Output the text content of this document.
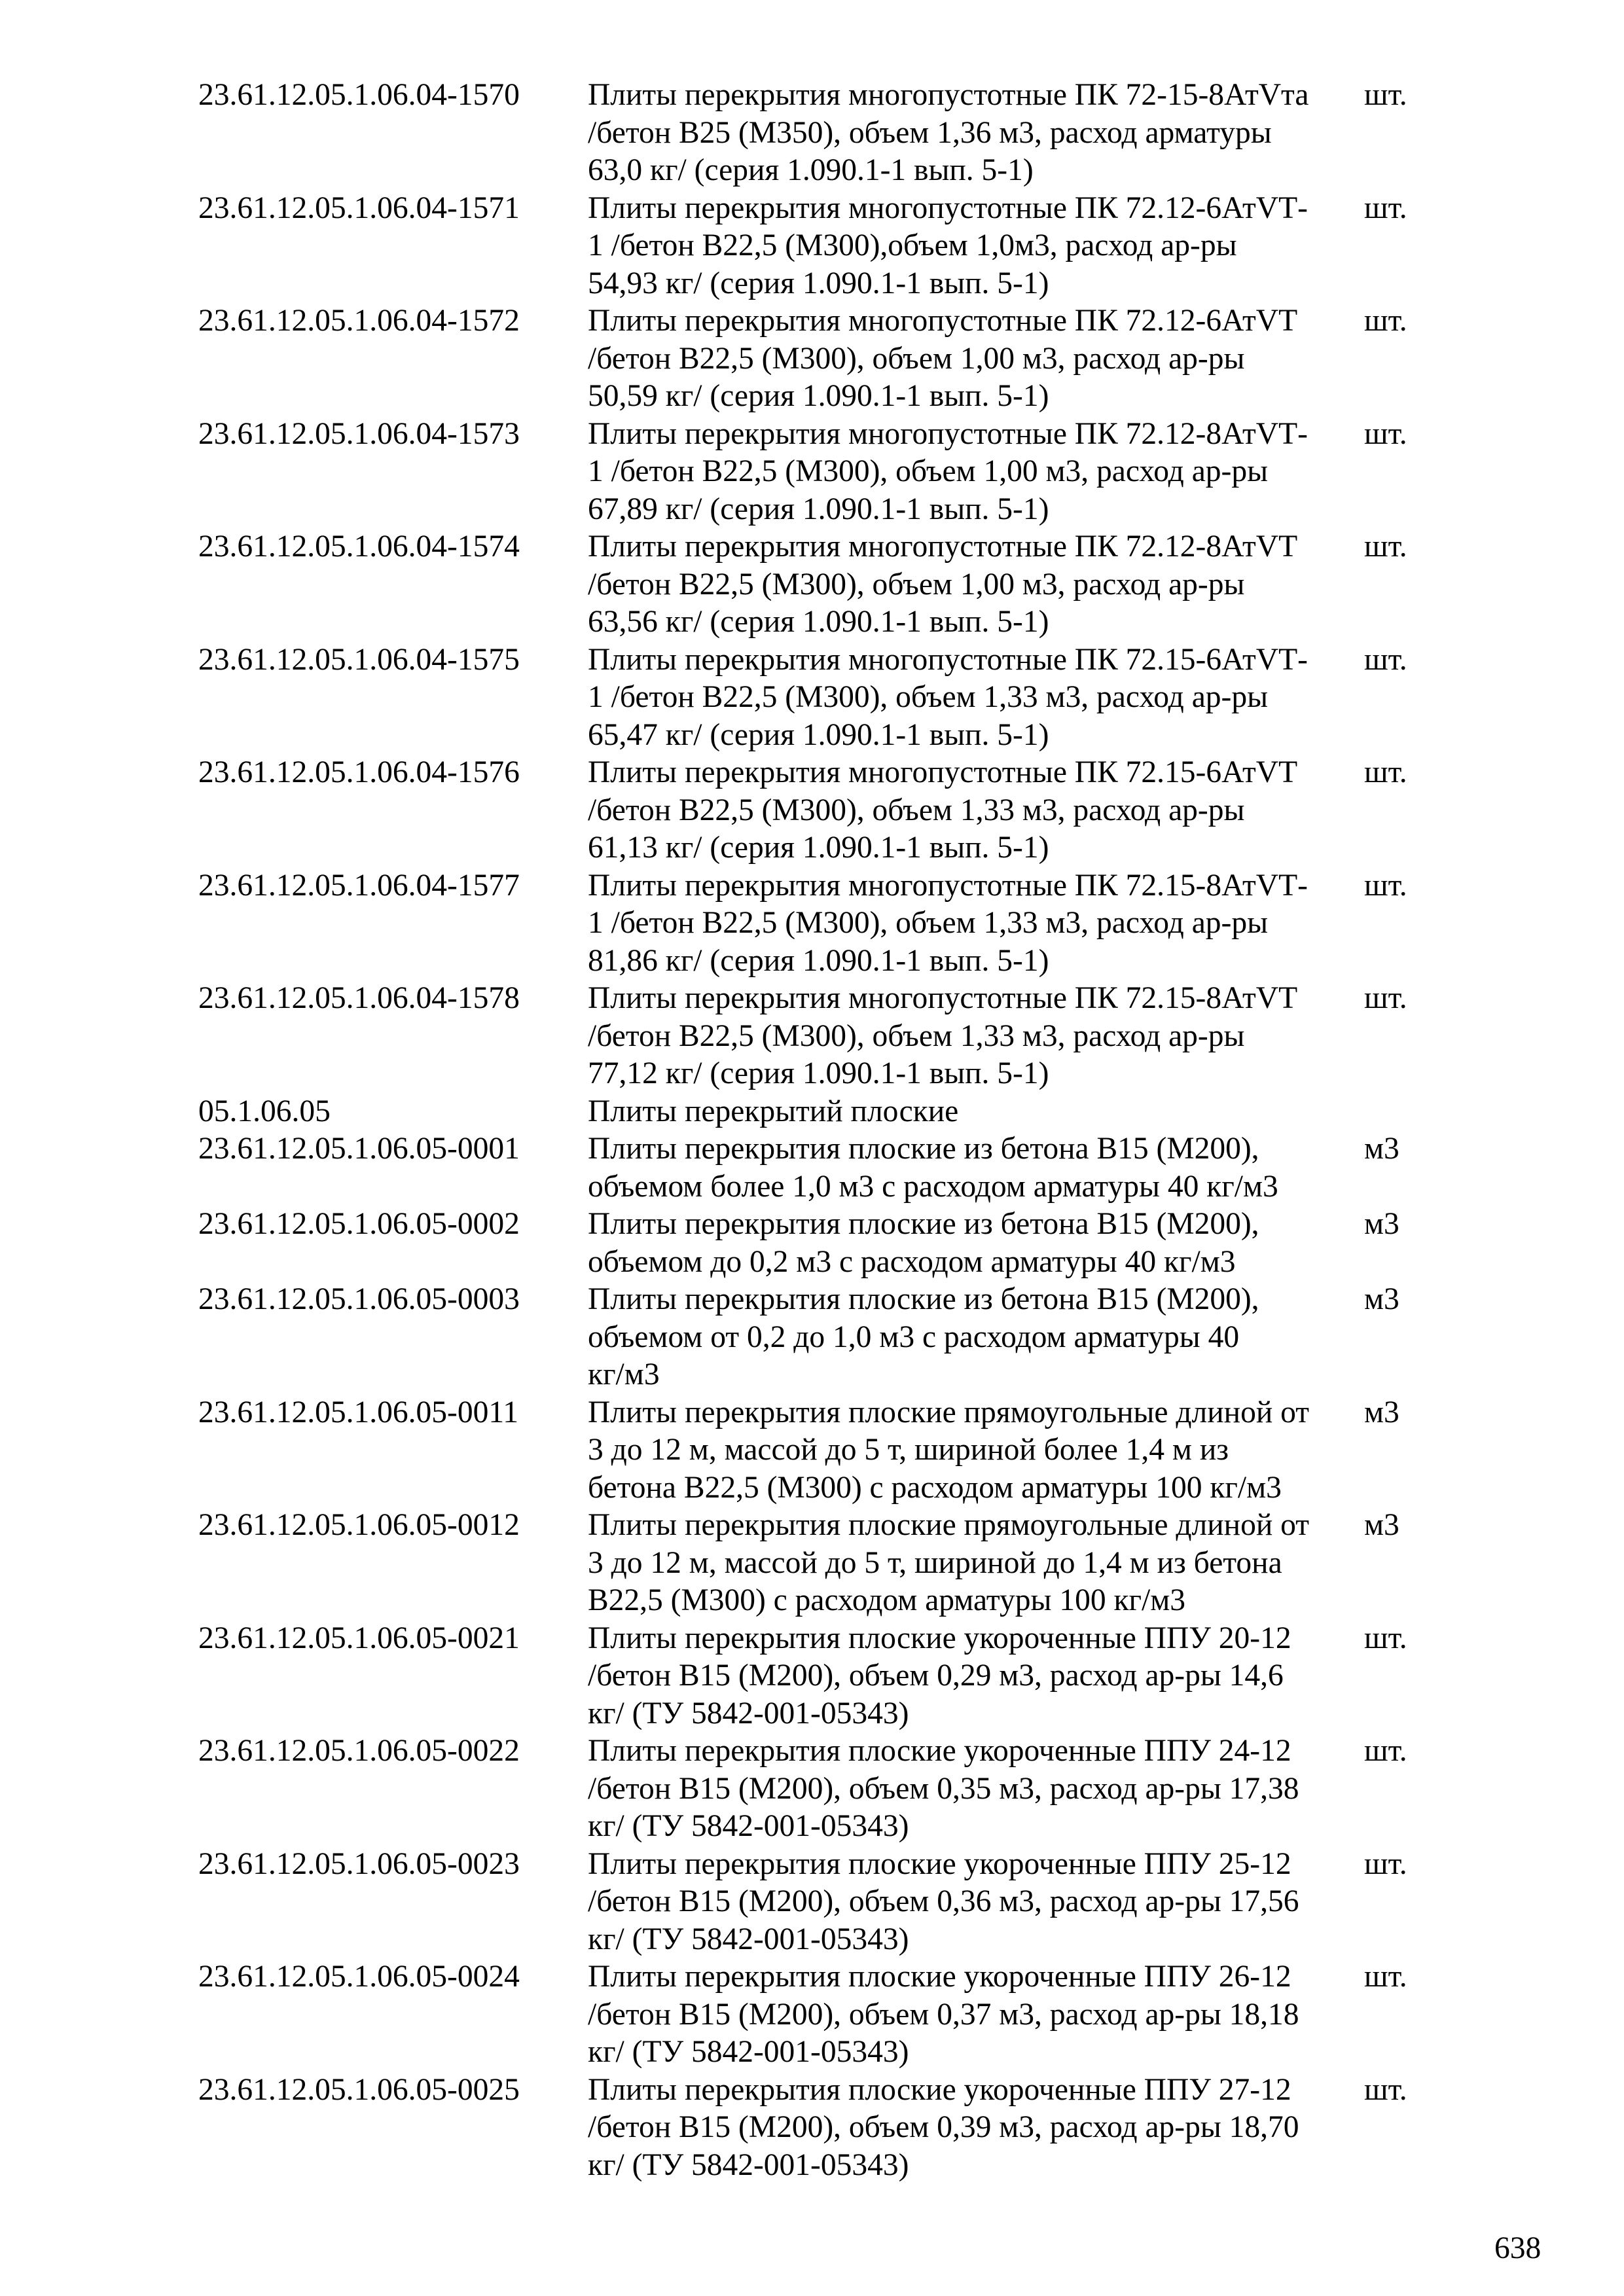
23.61.12.05.1.06.04-1570 Плиты перекрытия многопустотные ПК 72-15-8АтVта
/бетон В25 (М350), объем 1,36 м3, расход арматуры
63,0 кг/ (серия 1.090.1-1 вып. 5-1)
шт.
23.61.12.05.1.06.04-1571 Плиты перекрытия многопустотные ПК 72.12-6АтVТ-
1 /бетон В22,5 (М300),объем 1,0м3, расход ар-ры
54,93 кг/ (серия 1.090.1-1 вып. 5-1)
шт.
23.61.12.05.1.06.04-1572 Плиты перекрытия многопустотные ПК 72.12-6АтVТ
/бетон В22,5 (М300), объем 1,00 м3, расход ар-ры
50,59 кг/ (серия 1.090.1-1 вып. 5-1)
шт.
23.61.12.05.1.06.04-1573 Плиты перекрытия многопустотные ПК 72.12-8АтVТ-
1 /бетон В22,5 (М300), объем 1,00 м3, расход ар-ры
67,89 кг/ (серия 1.090.1-1 вып. 5-1)
шт.
23.61.12.05.1.06.04-1574 Плиты перекрытия многопустотные ПК 72.12-8АтVТ
/бетон В22,5 (М300), объем 1,00 м3, расход ар-ры
63,56 кг/ (серия 1.090.1-1 вып. 5-1)
шт.
23.61.12.05.1.06.04-1575 Плиты перекрытия многопустотные ПК 72.15-6АтVТ-
1 /бетон В22,5 (М300), объем 1,33 м3, расход ар-ры
65,47 кг/ (серия 1.090.1-1 вып. 5-1)
шт.
23.61.12.05.1.06.04-1576 Плиты перекрытия многопустотные ПК 72.15-6АтVТ
/бетон В22,5 (М300), объем 1,33 м3, расход ар-ры
61,13 кг/ (серия 1.090.1-1 вып. 5-1)
шт.
23.61.12.05.1.06.04-1577 Плиты перекрытия многопустотные ПК 72.15-8АтVТ-
1 /бетон В22,5 (М300), объем 1,33 м3, расход ар-ры
81,86 кг/ (серия 1.090.1-1 вып. 5-1)
шт.
23.61.12.05.1.06.04-1578 Плиты перекрытия многопустотные ПК 72.15-8АтVТ
/бетон В22,5 (М300), объем 1,33 м3, расход ар-ры
77,12 кг/ (серия 1.090.1-1 вып. 5-1)
шт.
05.1.06.05	Плиты перекрытий плоские
23.61.12.05.1.06.05-0001 Плиты перекрытия плоские из бетона В15 (М200),
объемом более 1,0 м3 с расходом арматуры 40 кг/м3
м3
23.61.12.05.1.06.05-0002 Плиты перекрытия плоские из бетона В15 (М200),
объемом до 0,2 м3 с расходом арматуры 40 кг/м3
м3
23.61.12.05.1.06.05-0003 Плиты перекрытия плоские из бетона В15 (М200),
объемом от 0,2 до 1,0 м3 с расходом арматуры 40
кг/м3
м3
23.61.12.05.1.06.05-0011 Плиты перекрытия плоские прямоугольные длиной от
3 до 12 м, массой до 5 т, шириной более 1,4 м из
бетона В22,5 (М300) с расходом арматуры 100 кг/м3
м3
23.61.12.05.1.06.05-0012 Плиты перекрытия плоские прямоугольные длиной от
3 до 12 м, массой до 5 т, шириной до 1,4 м из бетона
В22,5 (М300) с расходом арматуры 100 кг/м3
м3
23.61.12.05.1.06.05-0021 Плиты перекрытия плоские укороченные ППУ 20-12
/бетон В15 (М200), объем 0,29 м3, расход ар-ры 14,6
кг/ (ТУ 5842-001-05343)
шт.
23.61.12.05.1.06.05-0022 Плиты перекрытия плоские укороченные ППУ 24-12
/бетон В15 (М200), объем 0,35 м3, расход ар-ры 17,38
кг/ (ТУ 5842-001-05343)
шт.
23.61.12.05.1.06.05-0023 Плиты перекрытия плоские укороченные ППУ 25-12
/бетон В15 (М200), объем 0,36 м3, расход ар-ры 17,56
кг/ (ТУ 5842-001-05343)
шт.
23.61.12.05.1.06.05-0024 Плиты перекрытия плоские укороченные ППУ 26-12
/бетон В15 (М200), объем 0,37 м3, расход ар-ры 18,18
кг/ (ТУ 5842-001-05343)
шт.
23.61.12.05.1.06.05-0025 Плиты перекрытия плоские укороченные ППУ 27-12
/бетон В15 (М200), объем 0,39 м3, расход ар-ры 18,70
кг/ (ТУ 5842-001-05343)
шт.
638
